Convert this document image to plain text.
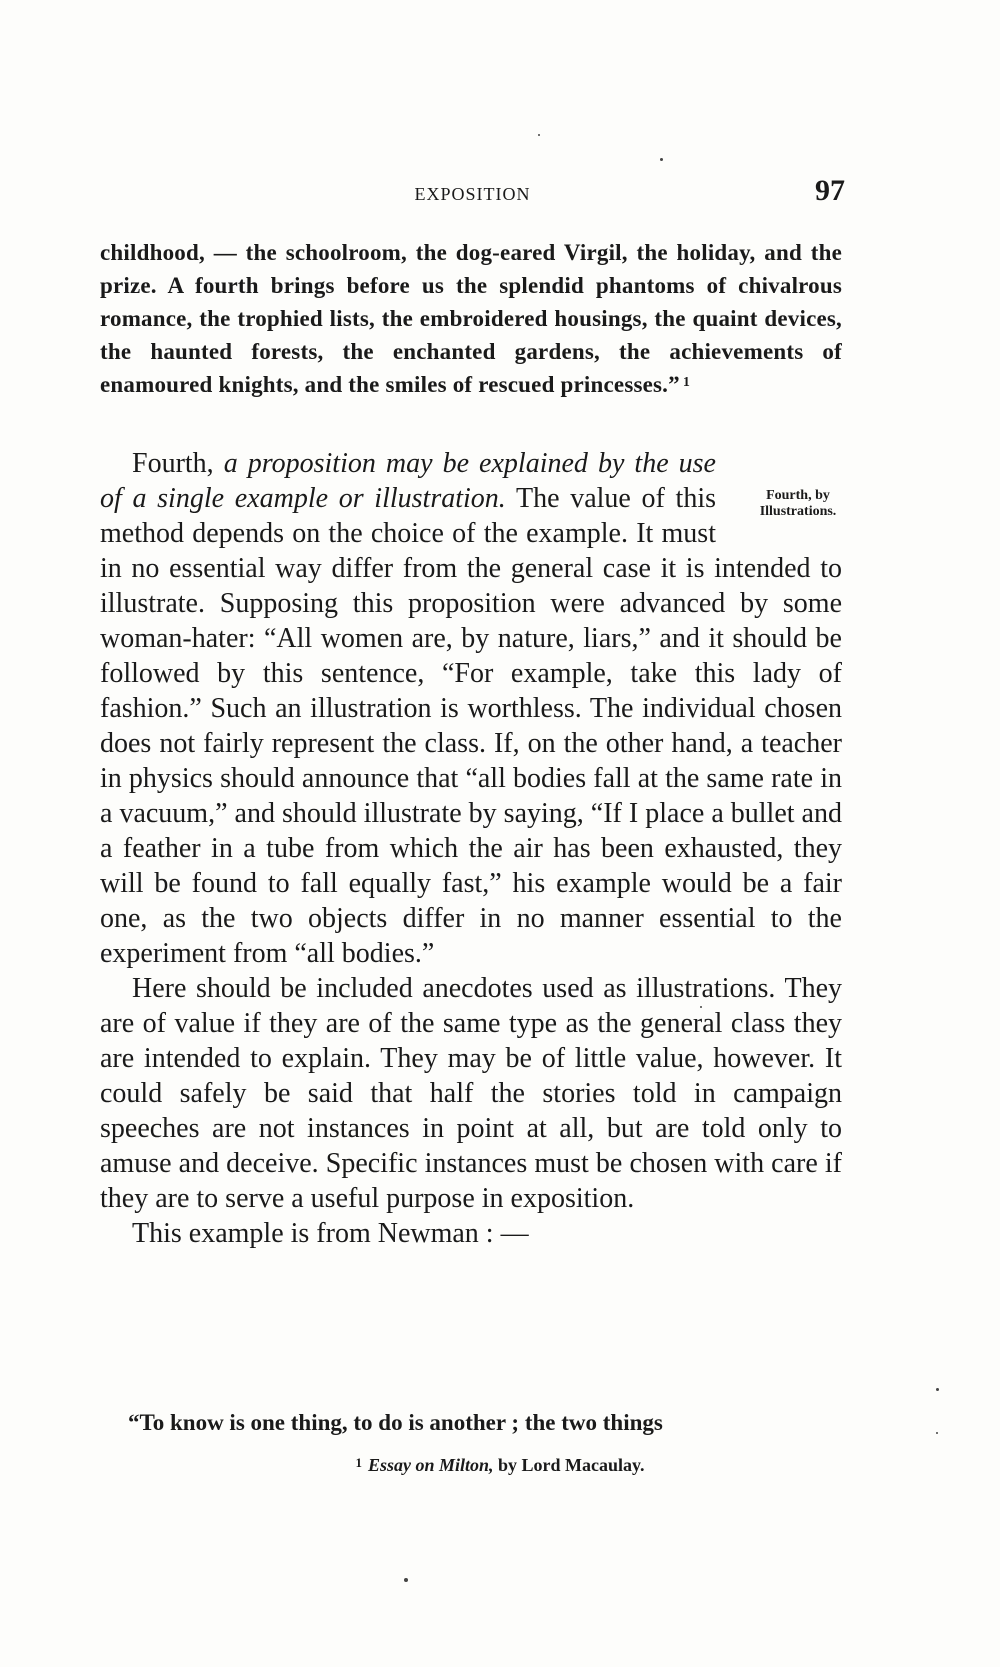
EXPOSITION	97
childhood, — the schoolroom, the dog-eared Virgil, the holiday, and the prize. A fourth brings before us the splendid phantoms of chivalrous romance, the trophied lists, the embroidered housings, the quaint devices, the haunted forests, the enchanted gardens, the achievements of enamoured knights, and the smiles of rescued princesses.” $^1$

Fourth, by Illustrations.
Fourth, a proposition may be explained by the use of a single example or illustration. The value of this method depends on the choice of the example. It must in no essential way differ from the general case it is intended to illustrate. Supposing this proposition were advanced by some woman-hater: “All women are, by nature, liars,” and it should be followed by this sentence, “For example, take this lady of fashion.” Such an illustration is worthless. The individual chosen does not fairly represent the class. If, on the other hand, a teacher in physics should announce that “all bodies fall at the same rate in a vacuum,” and should illustrate by saying, “If I place a bullet and a feather in a tube from which the air has been exhausted, they will be found to fall equally fast,” his example would be a fair one, as the two objects differ in no manner essential to the experiment from “all bodies.”

Here should be included anecdotes used as illustrations. They are of value if they are of the same type as the general class they are intended to explain. They may be of little value, however. It could safely be said that half the stories told in campaign speeches are not instances in point at all, but are told only to amuse and deceive. Specific instances must be chosen with care if they are to serve a useful purpose in exposition.

This example is from Newman : —

“To know is one thing, to do is another ; the two things
$^1$ Essay on Milton, by Lord Macaulay.
